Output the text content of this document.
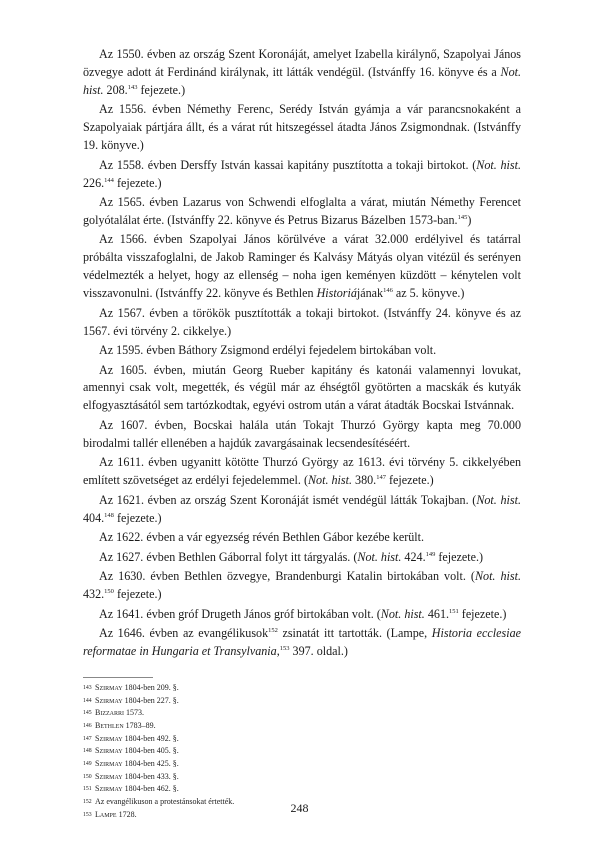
Az 1550. évben az ország Szent Koronáját, amelyet Izabella királynő, Szapolyai János özvegye adott át Ferdinánd királynak, itt látták vendégül. (Istvánffy 16. könyve és a Not. hist. 208.$^{143}$ fejezete.)

Az 1556. évben Némethy Ferenc, Serédy István gyámja a vár parancsnokaként a Szapolyaiak pártjára állt, és a várat rút hitszegéssel átadta János Zsigmondnak. (Istvánffy 19. könyve.)

Az 1558. évben Dersffy István kassai kapitány pusztította a tokaji birtokot. (Not. hist. 226.$^{144}$ fejezete.)

Az 1565. évben Lazarus von Schwendi elfoglalta a várat, miután Némethy Ferencet golyótalálat érte. (Istvánffy 22. könyve és Petrus Bizarus Bázelben 1573-ban.$^{145}$)

Az 1566. évben Szapolyai János körülvéve a várat 32.000 erdélyivel és tatárral próbálta visszafoglalni, de Jakob Raminger és Kalvásy Mátyás olyan vitézül és serényen védelmezték a helyet, hogy az ellenség – noha igen keményen küzdött – kénytelen volt visszavonulni. (Istvánffy 22. könyve és Bethlen Historiájának$^{146}$ az 5. könyve.)

Az 1567. évben a törökök pusztították a tokaji birtokot. (Istvánffy 24. könyve és az 1567. évi törvény 2. cikkelye.)

Az 1595. évben Báthory Zsigmond erdélyi fejedelem birtokában volt.

Az 1605. évben, miután Georg Rueber kapitány és katonái valamennyi lovukat, amennyi csak volt, megették, és végül már az éhségtől gyötörten a macskák és kutyák elfogyasztásától sem tartózkodtak, egyévi ostrom után a várat átadták Bocskai Istvánnak.

Az 1607. évben, Bocskai halála után Tokajt Thurzó György kapta meg 70.000 birodalmi tallér ellenében a hajdúk zavargásainak lecsendesítéséért.

Az 1611. évben ugyanitt kötötte Thurzó György az 1613. évi törvény 5. cikkelyében említett szövetséget az erdélyi fejedelemmel. (Not. hist. 380.$^{147}$ fejezete.)

Az 1621. évben az ország Szent Koronáját ismét vendégül látták Tokajban. (Not. hist. 404.$^{148}$ fejezete.)

Az 1622. évben a vár egyezség révén Bethlen Gábor kezébe került.

Az 1627. évben Bethlen Gáborral folyt itt tárgyalás. (Not. hist. 424.$^{149}$ fejezete.)

Az 1630. évben Bethlen özvegye, Brandenburgi Katalin birtokában volt. (Not. hist. 432.$^{150}$ fejezete.)

Az 1641. évben gróf Drugeth János gróf birtokában volt. (Not. hist. 461.$^{151}$ fejezete.)

Az 1646. évben az evangélikusok$^{152}$ zsinatát itt tartották. (Lampe, Historia ecclesiae reformatae in Hungaria et Transylvania,$^{153}$ 397. oldal.)

143 Szirmay 1804-ben 209. §.

144 Szirmay 1804-ben 227. §.

145 Bizzarri 1573.

146 Bethlen 1783–89.

147 Szirmay 1804-ben 492. §.

148 Szirmay 1804-ben 405. §.

149 Szirmay 1804-ben 425. §.

150 Szirmay 1804-ben 433. §.

151 Szirmay 1804-ben 462. §.

152 Az evangélikuson a protestánsokat értették.

153 Lampe 1728.	248
